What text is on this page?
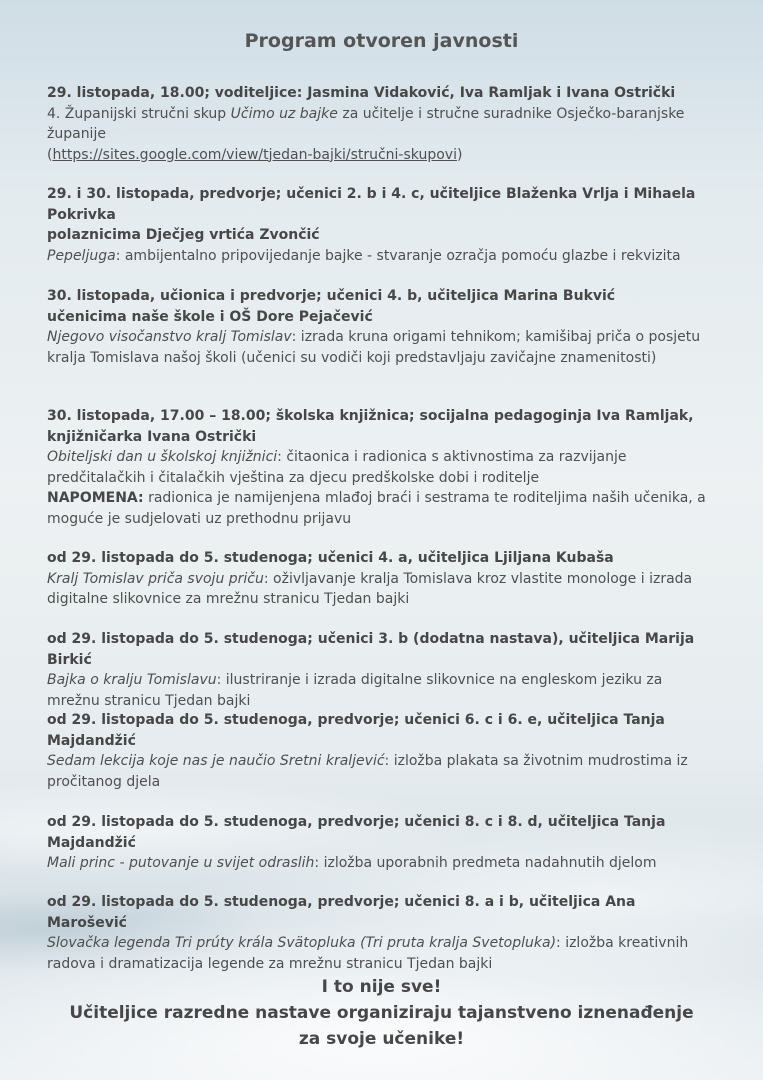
Program otvoren javnosti
29. listopada, 18.00; voditeljice: Jasmina Vidaković, Iva Ramljak i Ivana Ostrički
4. Županijski stručni skup Učimo uz bajke za učitelje i stručne suradnike Osječko-baranjske županije
(https://sites.google.com/view/tjedan-bajki/stručni-skupovi)
29. i 30. listopada, predvorje; učenici 2. b i 4. c, učiteljice Blaženka Vrlja i Mihaela Pokrivka
polaznicima Dječjeg vrtića Zvončić
Pepeljuga: ambijentalno pripovijedanje bajke - stvaranje ozračja pomoću glazbe i rekvizita
30. listopada, učionica i predvorje; učenici 4. b, učiteljica Marina Bukvić
učenicima naše škole i OŠ Dore Pejačević
Njegovo visočanstvo kralj Tomislav: izrada kruna origami tehnikom; kamišibaj priča o posjetu kralja Tomislava našoj školi (učenici su vodiči koji predstavljaju zavičajne znamenitosti)
30. listopada, 17.00 – 18.00; školska knjižnica; socijalna pedagoginja Iva Ramljak, knjižničarka Ivana Ostrički
Obiteljski dan u školskoj knjižnici: čitaonica i radionica s aktivnostima za razvijanje predčitalačkih i čitalačkih vještina za djecu predškolske dobi i roditelje
NAPOMENA: radionica je namijenjena mlađoj braći i sestrama te roditeljima naših učenika, a moguće je sudjelovati uz prethodnu prijavu
od 29. listopada do 5. studenoga; učenici 4. a, učiteljica Ljiljana Kubaša
Kralj Tomislav priča svoju priču: oživljavanje kralja Tomislava kroz vlastite monologe i izrada digitalne slikovnice za mrežnu stranicu Tjedan bajki
od 29. listopada do 5. studenoga; učenici 3. b (dodatna nastava), učiteljica Marija Birkić
Bajka o kralju Tomislavu: ilustriranje i izrada digitalne slikovnice na engleskom jeziku za mrežnu stranicu Tjedan bajki
od 29. listopada do 5. studenoga, predvorje; učenici 6. c i 6. e, učiteljica Tanja Majdandžić
Sedam lekcija koje nas je naučio Sretni kraljević: izložba plakata sa životnim mudrostima iz pročitanog djela
od 29. listopada do 5. studenoga, predvorje; učenici 8. c i 8. d, učiteljica Tanja Majdandžić
Mali princ - putovanje u svijet odraslih: izložba uporabnih predmeta nadahnutih djelom
od 29. listopada do 5. studenoga, predvorje; učenici 8. a i b, učiteljica Ana Marošević
Slovačka legenda Tri prúty krála Svätopluka (Tri pruta kralja Svetopluka): izložba kreativnih radova i dramatizacija legende za mrežnu stranicu Tjedan bajki
I to nije sve!
Učiteljice razredne nastave organiziraju tajanstveno iznenađenje
za svoje učenike!
